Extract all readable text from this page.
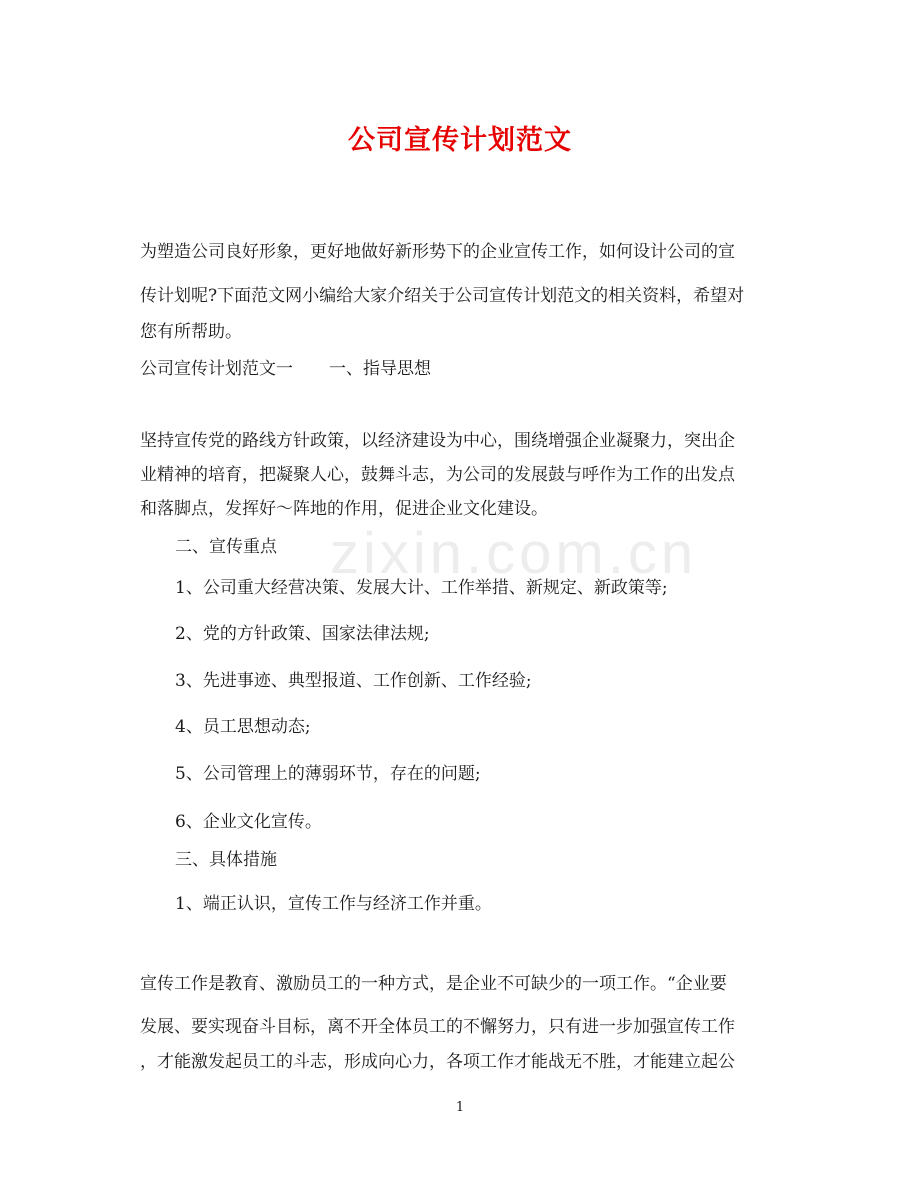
zixin.com.cn
公司宣传计划范文
为塑造公司良好形象，更好地做好新形势下的企业宣传工作，如何设计公司的宣
传计划呢?下面范文网小编给大家介绍关于公司宣传计划范文的相关资料，希望对
您有所帮助。
公司宣传计划范文一 一、指导思想
坚持宣传党的路线方针政策，以经济建设为中心，围绕增强企业凝聚力，突出企
业精神的培育，把凝聚人心，鼓舞斗志，为公司的发展鼓与呼作为工作的出发点
和落脚点，发挥好～阵地的作用，促进企业文化建设。
二、宣传重点
1、公司重大经营决策、发展大计、工作举措、新规定、新政策等;
2、党的方针政策、国家法律法规;
3、先进事迹、典型报道、工作创新、工作经验;
4、员工思想动态;
5、公司管理上的薄弱环节，存在的问题;
6、企业文化宣传。
三、具体措施
1、端正认识，宣传工作与经济工作并重。
宣传工作是教育、激励员工的一种方式，是企业不可缺少的一项工作。“企业要
发展、要实现奋斗目标，离不开全体员工的不懈努力，只有进一步加强宣传工作
，才能激发起员工的斗志，形成向心力，各项工作才能战无不胜，才能建立起公
1
